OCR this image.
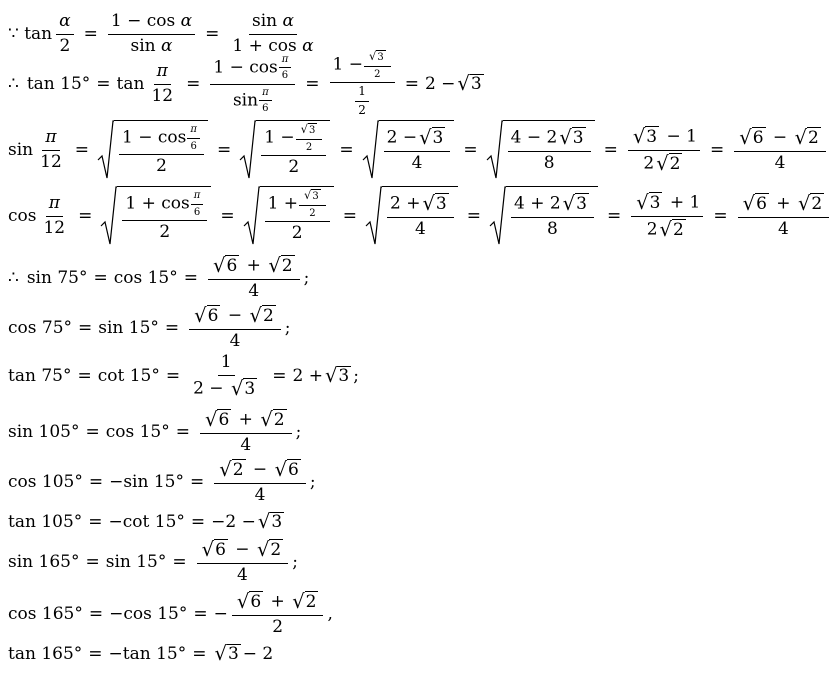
∵ $\tan \frac{\alpha}{2} = \frac{\text{1 − cos α}}{\text{sin α}} = \frac{\text{sin α}}{\text{1 + cos α}}$
∴ $\tan 15^\circ = \tan \frac{\pi}{12} = \frac{1 - \cos \frac{\pi}{6}}{\sin \frac{\pi}{6}} = \frac{1 - \frac{√ 3}{2}}{\frac{1}{2}} = 2$ − √ 3
$\sin \frac{\pi}{12} = \frac{1 - \cos \frac{\pi}{6}}{2} = \frac{1 - \frac{√ 3}{2}}{2} = \frac{2 - √ 3}{4} = \frac{4 - 2 √ 3}{8} = \frac{√ 3 - 1}{2 √ 2} = \frac{√ 6 - √ 2}{4}$
$\cos \frac{\pi}{12} = \frac{1 + \cos \frac{\pi}{6}}{2} = \frac{1 + \frac{√ 3}{2}}{2} = \frac{2 + √ 3}{4} = \frac{4 + 2 √ 3}{8} = \frac{√ 3 + 1}{2 √ 2} = \frac{√ 6 + √ 2}{4}$
∴ $\sin 75^\circ = \cos 15^\circ = \frac{√ 6 + √ 2}{4}$ ;
$\cos 75^\circ = \sin 15^\circ = \frac{√ 6 - √ 2}{4}$ ;
$\tan 75^\circ = \cot 15^\circ = \frac{1}{2 - √ 3} = 2$ + √ 3 ;
$\sin 105^\circ = \cos 15^\circ = \frac{√ 6 + √ 2}{4}$ ;
cos 105° = −sin $15^\circ = \frac{√ 2 - √ 6}{4}$ ;
tan 105° = −cot 15° = −2 − √ 3
$\sin 165^\circ = \sin 15^\circ = \frac{√ 6 - √ 2}{4}$ ;
cos 165° = −cos 15° = − $\frac{√ 6 + √ 2}{2}$ ,
tan 165° = −tan 15° = √ 3 − 2
